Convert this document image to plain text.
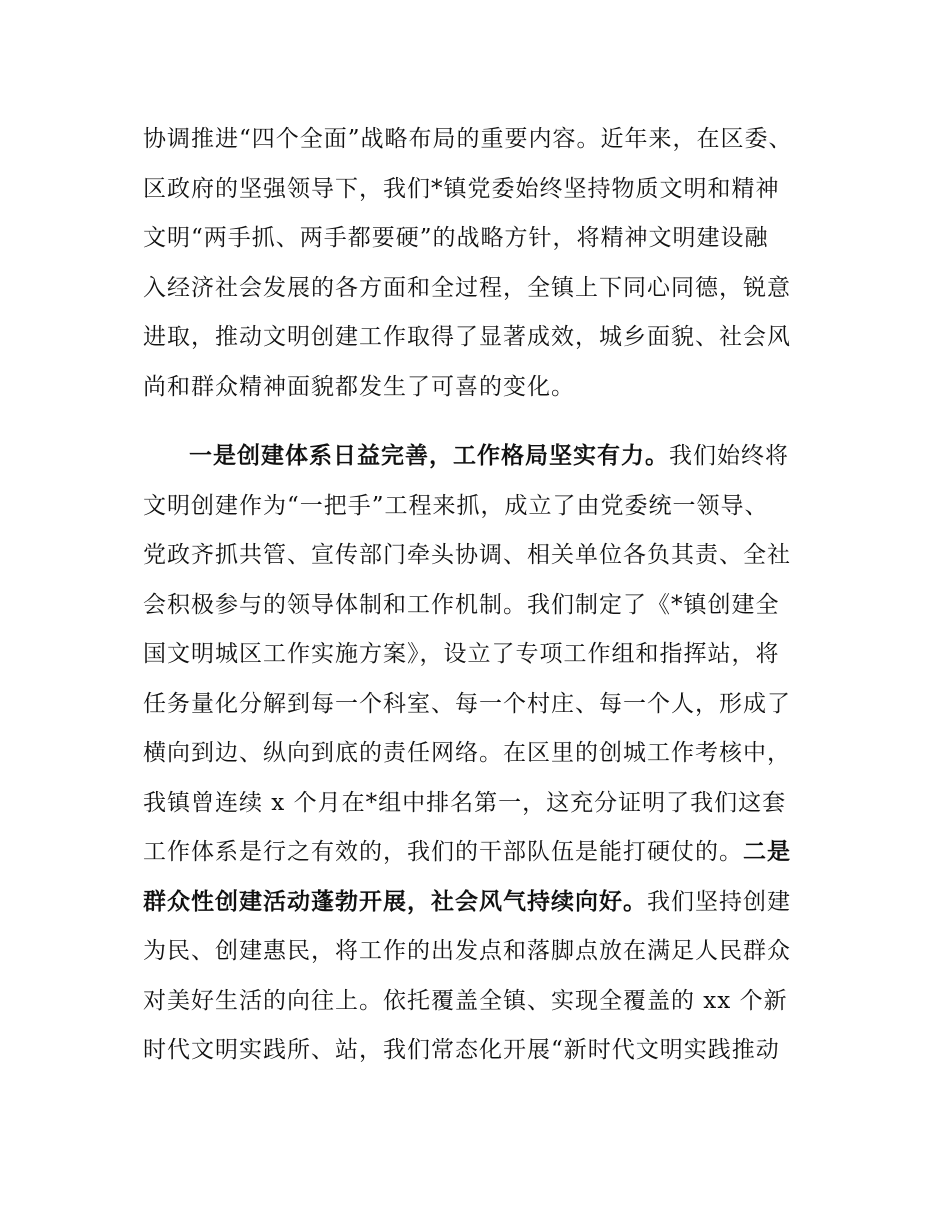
协调推进“四个全面”战略布局的重要内容。近年来，在区委、
区政府的坚强领导下，我们*镇党委始终坚持物质文明和精神
文明“两手抓、两手都要硬”的战略方针，将精神文明建设融
入经济社会发展的各方面和全过程，全镇上下同心同德，锐意
进取，推动文明创建工作取得了显著成效，城乡面貌、社会风
尚和群众精神面貌都发生了可喜的变化。
一是创建体系日益完善，工作格局坚实有力。我们始终将
文明创建作为“一把手”工程来抓，成立了由党委统一领导、
党政齐抓共管、宣传部门牵头协调、相关单位各负其责、全社
会积极参与的领导体制和工作机制。我们制定了《*镇创建全
国文明城区工作实施方案》，设立了专项工作组和指挥站，将
任务量化分解到每一个科室、每一个村庄、每一个人，形成了
横向到边、纵向到底的责任网络。在区里的创城工作考核中，
我镇曾连续 x 个月在*组中排名第一，这充分证明了我们这套
工作体系是行之有效的，我们的干部队伍是能打硬仗的。二是
群众性创建活动蓬勃开展，社会风气持续向好。我们坚持创建
为民、创建惠民，将工作的出发点和落脚点放在满足人民群众
对美好生活的向往上。依托覆盖全镇、实现全覆盖的 xx 个新
时代文明实践所、站，我们常态化开展“新时代文明实践推动
